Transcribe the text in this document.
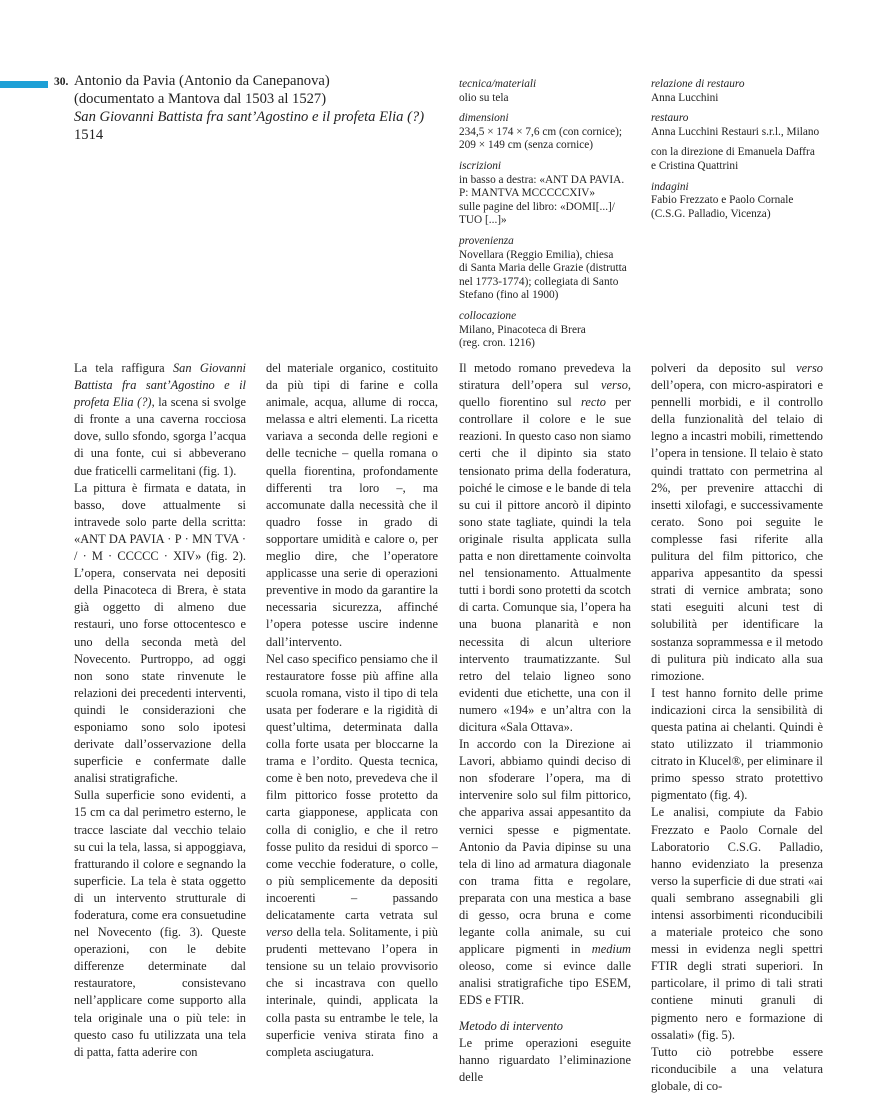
30. Antonio da Pavia (Antonio da Canepanova)
(documentato a Mantova dal 1503 al 1527)
San Giovanni Battista fra sant’Agostino e il profeta Elia (?)
1514
tecnica/materiali
olio su tela
dimensioni
234,5 × 174 × 7,6 cm (con cornice);
209 × 149 cm (senza cornice)
iscrizioni
in basso a destra: «ANT DA PAVIA.
P: MANTVA MCCCCCXIV»
sulle pagine del libro: «DOMI[...]/
TUO [...]»
provenienza
Novellara (Reggio Emilia), chiesa
di Santa Maria delle Grazie (distrutta
nel 1773-1774); collegiata di Santo
Stefano (fino al 1900)
collocazione
Milano, Pinacoteca di Brera
(reg. cron. 1216)
relazione di restauro
Anna Lucchini
restauro
Anna Lucchini Restauri s.r.l., Milano
con la direzione di Emanuela Daffra
e Cristina Quattrini
indagini
Fabio Frezzato e Paolo Cornale
(C.S.G. Palladio, Vicenza)

La tela raffigura San Giovanni Battista fra sant’Agostino e il profeta Elia (?), la scena si svolge di fronte a una caverna rocciosa dove, sullo sfondo, sgorga l’acqua di una fonte, cui si abbeverano due fraticelli carmelitani (fig. 1).

La pittura è firmata e datata, in basso, dove attualmente si intravede solo parte della scritta: «ANT DA PAVIA · P · MN TVA · / · M · CCCCC · XIV» (fig. 2). L’opera, conservata nei depositi della Pinacoteca di Brera, è stata già oggetto di almeno due restauri, uno forse ottocentesco e uno della seconda metà del Novecento. Purtroppo, ad oggi non sono state rinvenute le relazioni dei precedenti interventi, quindi le considerazioni che esponiamo sono solo ipotesi derivate dall’osservazione della superficie e confermate dalle analisi stratigrafiche.

Sulla superficie sono evidenti, a 15 cm ca dal perimetro esterno, le tracce lasciate dal vecchio telaio su cui la tela, lassa, si appoggiava, fratturando il colore e segnando la superficie. La tela è stata oggetto di un intervento strutturale di foderatura, come era consuetudine nel Novecento (fig. 3). Queste operazioni, con le debite differenze determinate dal restauratore, consistevano nell’applicare come supporto alla tela originale una o più tele: in questo caso fu utilizzata una tela di patta, fatta aderire con

del materiale organico, costituito da più tipi di farine e colla animale, acqua, allume di rocca, melassa e altri elementi. La ricetta variava a seconda delle regioni e delle tecniche – quella romana o quella fiorentina, profondamente differenti tra loro –, ma accomunate dalla necessità che il quadro fosse in grado di sopportare umidità e calore o, per meglio dire, che l’operatore applicasse una serie di operazioni preventive in modo da garantire la necessaria sicurezza, affinché l’opera potesse uscire indenne dall’intervento.

Nel caso specifico pensiamo che il restauratore fosse più affine alla scuola romana, visto il tipo di tela usata per foderare e la rigidità di quest’ultima, determinata dalla colla forte usata per bloccarne la trama e l’ordito. Questa tecnica, come è ben noto, prevedeva che il film pittorico fosse protetto da carta giapponese, applicata con colla di coniglio, e che il retro fosse pulito da residui di sporco – come vecchie foderature, o colle, o più semplicemente da depositi incoerenti – passando delicatamente carta vetrata sul verso della tela. Solitamente, i più prudenti mettevano l’opera in tensione su un telaio provvisorio che si incastrava con quello interinale, quindi, applicata la colla pasta su entrambe le tele, la superficie veniva stirata fino a completa asciugatura.

Il metodo romano prevedeva la stiratura dell’opera sul verso, quello fiorentino sul recto per controllare il colore e le sue reazioni. In questo caso non siamo certi che il dipinto sia stato tensionato prima della foderatura, poiché le cimose e le bande di tela su cui il pittore ancorò il dipinto sono state tagliate, quindi la tela originale risulta applicata sulla patta e non direttamente coinvolta nel tensionamento. Attualmente tutti i bordi sono protetti da scotch di carta. Comunque sia, l’opera ha una buona planarità e non necessita di alcun ulteriore intervento traumatizzante. Sul retro del telaio ligneo sono evidenti due etichette, una con il numero «194» e un’altra con la dicitura «Sala Ottava».

In accordo con la Direzione ai Lavori, abbiamo quindi deciso di non sfoderare l’opera, ma di intervenire solo sul film pittorico, che appariva assai appesantito da vernici spesse e pigmentate. Antonio da Pavia dipinse su una tela di lino ad armatura diagonale con trama fitta e regolare, preparata con una mestica a base di gesso, ocra bruna e come legante colla animale, su cui applicare pigmenti in medium oleoso, come si evince dalle analisi stratigrafiche tipo ESEM, EDS e FTIR.

Metodo di intervento

Le prime operazioni eseguite hanno riguardato l’eliminazione delle

polveri da deposito sul verso dell’opera, con micro-aspiratori e pennelli morbidi, e il controllo della funzionalità del telaio di legno a incastri mobili, rimettendo l’opera in tensione. Il telaio è stato quindi trattato con permetrina al 2%, per prevenire attacchi di insetti xilofagi, e successivamente cerato. Sono poi seguite le complesse fasi riferite alla pulitura del film pittorico, che appariva appesantito da spessi strati di vernice ambrata; sono stati eseguiti alcuni test di solubilità per identificare la sostanza soprammessa e il metodo di pulitura più indicato alla sua rimozione.

I test hanno fornito delle prime indicazioni circa la sensibilità di questa patina ai chelanti. Quindi è stato utilizzato il triammonio citrato in Klucel®, per eliminare il primo spesso strato protettivo pigmentato (fig. 4).

Le analisi, compiute da Fabio Frezzato e Paolo Cornale del Laboratorio C.S.G. Palladio, hanno evidenziato la presenza verso la superficie di due strati «ai quali sembrano assegnabili gli intensi assorbimenti riconducibili a materiale proteico che sono messi in evidenza negli spettri FTIR degli strati superiori. In particolare, il primo di tali strati contiene minuti granuli di pigmento nero e formazione di ossalati» (fig. 5).

Tutto ciò potrebbe essere riconducibile a una velatura globale, di co-
